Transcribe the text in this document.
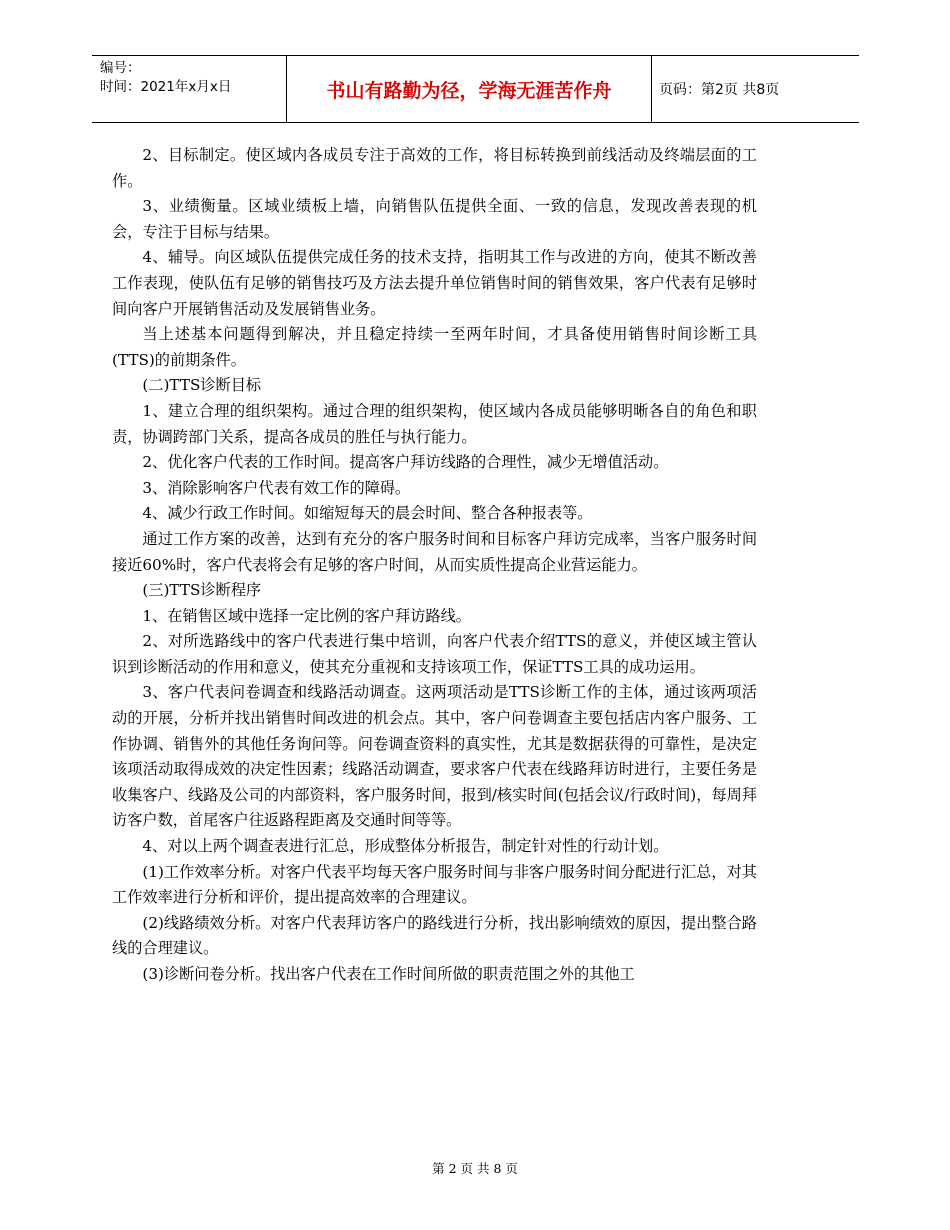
编号：
时间：2021年x月x日	书山有路勤为径，学海无涯苦作舟	页码：第2页 共8页

2、目标制定。使区域内各成员专注于高效的工作，将目标转换到前线活动及终端层面的工作。

3、业绩衡量。区域业绩板上墙，向销售队伍提供全面、一致的信息，发现改善表现的机会，专注于目标与结果。

4、辅导。向区域队伍提供完成任务的技术支持，指明其工作与改进的方向，使其不断改善工作表现，使队伍有足够的销售技巧及方法去提升单位销售时间的销售效果，客户代表有足够时间向客户开展销售活动及发展销售业务。

当上述基本问题得到解决，并且稳定持续一至两年时间，才具备使用销售时间诊断工具(TTS)的前期条件。

(二)TTS诊断目标

1、建立合理的组织架构。通过合理的组织架构，使区域内各成员能够明晰各自的角色和职责，协调跨部门关系，提高各成员的胜任与执行能力。

2、优化客户代表的工作时间。提高客户拜访线路的合理性，减少无增值活动。

3、消除影响客户代表有效工作的障碍。

4、减少行政工作时间。如缩短每天的晨会时间、整合各种报表等。

通过工作方案的改善，达到有充分的客户服务时间和目标客户拜访完成率，当客户服务时间接近60%时，客户代表将会有足够的客户时间，从而实质性提高企业营运能力。

(三)TTS诊断程序

1、在销售区域中选择一定比例的客户拜访路线。

2、对所选路线中的客户代表进行集中培训，向客户代表介绍TTS的意义，并使区域主管认识到诊断活动的作用和意义，使其充分重视和支持该项工作，保证TTS工具的成功运用。

3、客户代表问卷调查和线路活动调查。这两项活动是TTS诊断工作的主体，通过该两项活动的开展，分析并找出销售时间改进的机会点。其中，客户问卷调查主要包括店内客户服务、工作协调、销售外的其他任务询问等。问卷调查资料的真实性，尤其是数据获得的可靠性，是决定该项活动取得成效的决定性因素；线路活动调查，要求客户代表在线路拜访时进行，主要任务是收集客户、线路及公司的内部资料，客户服务时间，报到/核实时间(包括会议/行政时间)，每周拜访客户数，首尾客户往返路程距离及交通时间等等。

4、对以上两个调查表进行汇总，形成整体分析报告，制定针对性的行动计划。

(1)工作效率分析。对客户代表平均每天客户服务时间与非客户服务时间分配进行汇总，对其工作效率进行分析和评价，提出提高效率的合理建议。

(2)线路绩效分析。对客户代表拜访客户的路线进行分析，找出影响绩效的原因，提出整合路线的合理建议。

(3)诊断问卷分析。找出客户代表在工作时间所做的职责范围之外的其他工

第 2 页 共 8 页
